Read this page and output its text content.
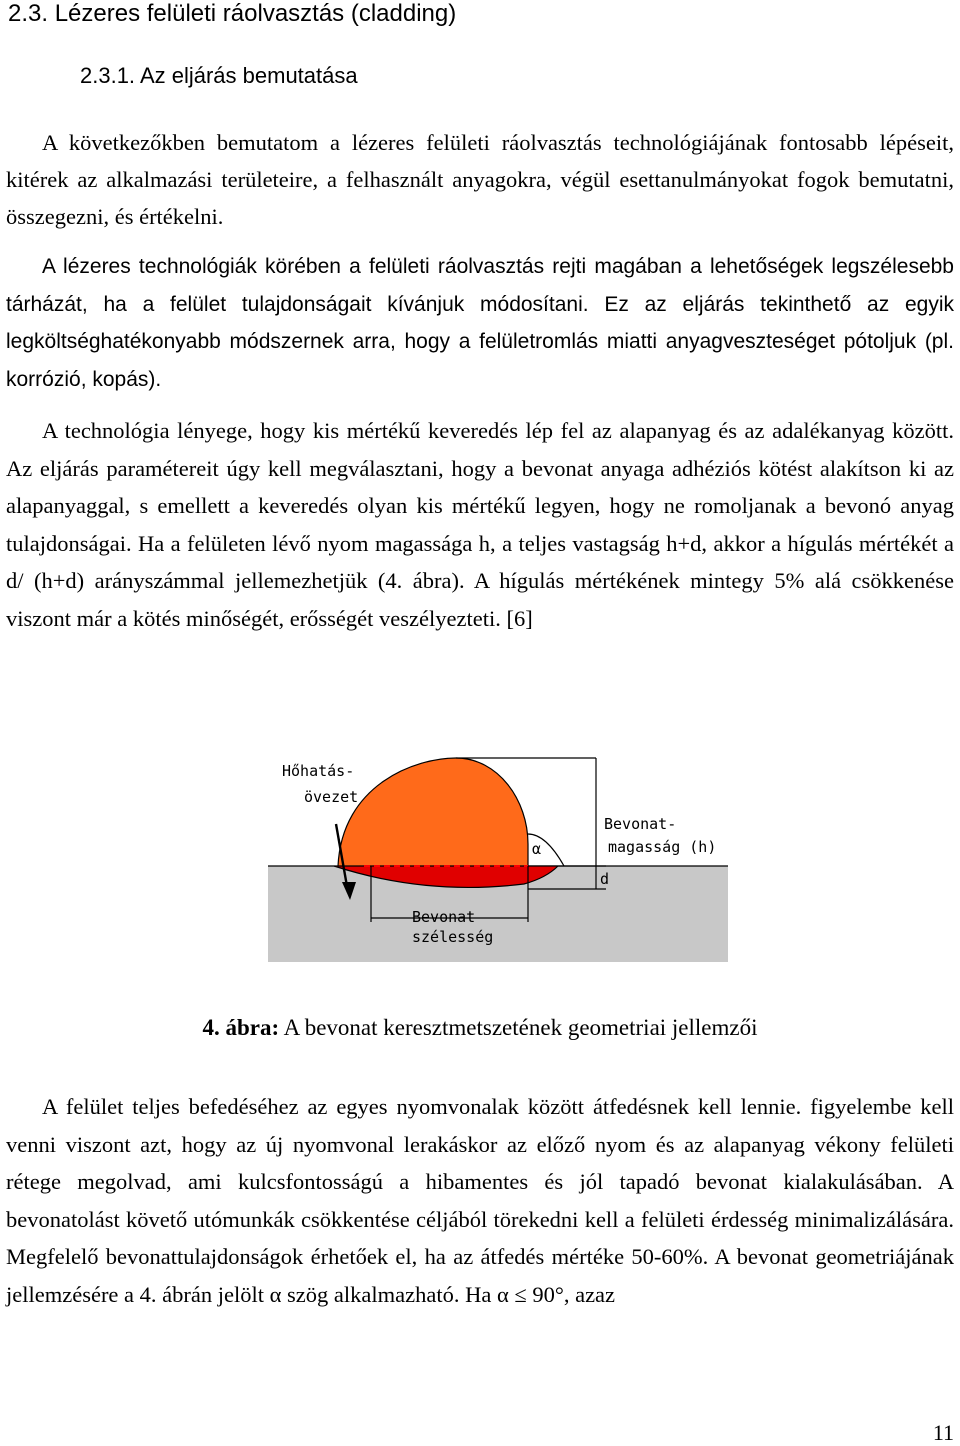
2.3. Lézeres felületi ráolvasztás (cladding)
2.3.1. Az eljárás bemutatása

A következőkben bemutatom a lézeres felületi ráolvasztás technológiájának fontosabb lépéseit, kitérek az alkalmazási területeire, a felhasznált anyagokra, végül esettanulmányokat fogok bemutatni, összegezni, és értékelni.

A lézeres technológiák körében a felületi ráolvasztás rejti magában a lehetőségek legszélesebb tárházát, ha a felület tulajdonságait kívánjuk módosítani. Ez az eljárás tekinthető az egyik legköltséghatékonyabb módszernek arra, hogy a felületromlás miatti anyagveszteséget pótoljuk (pl. korrózió, kopás).

A technológia lényege, hogy kis mértékű keveredés lép fel az alapanyag és az adalékanyag között. Az eljárás paramétereit úgy kell megválasztani, hogy a bevonat anyaga adhéziós kötést alakítson ki az alapanyaggal, s emellett a keveredés olyan kis mértékű legyen, hogy ne romoljanak a bevonó anyag tulajdonságai. Ha a felületen lévő nyom magassága h, a teljes vastagság h+d, akkor a hígulás mértékét a d/ (h+d) arányszámmal jellemezhetjük (4. ábra). A hígulás mértékének mintegy 5% alá csökkenése viszont már a kötés minőségét, erősségét veszélyezteti. [6]

Hőhatás-
övezet
Bevonat-
magasság (h)
Bevonat
szélesség
α
d
4. ábra: A bevonat keresztmetszetének geometriai jellemzői

A felület teljes befedéséhez az egyes nyomvonalak között átfedésnek kell lennie. figyelembe kell venni viszont azt, hogy az új nyomvonal lerakáskor az előző nyom és az alapanyag vékony felületi rétege megolvad, ami kulcsfontosságú a hibamentes és jól tapadó bevonat kialakulásában. A bevonatolást követő utómunkák csökkentése céljából törekedni kell a felületi érdesség minimalizálására. Megfelelő bevonattulajdonságok érhetőek el, ha az átfedés mértéke 50-60%. A bevonat geometriájának jellemzésére a 4. ábrán jelölt α szög alkalmazható. Ha α ≤ 90°, azaz

11
